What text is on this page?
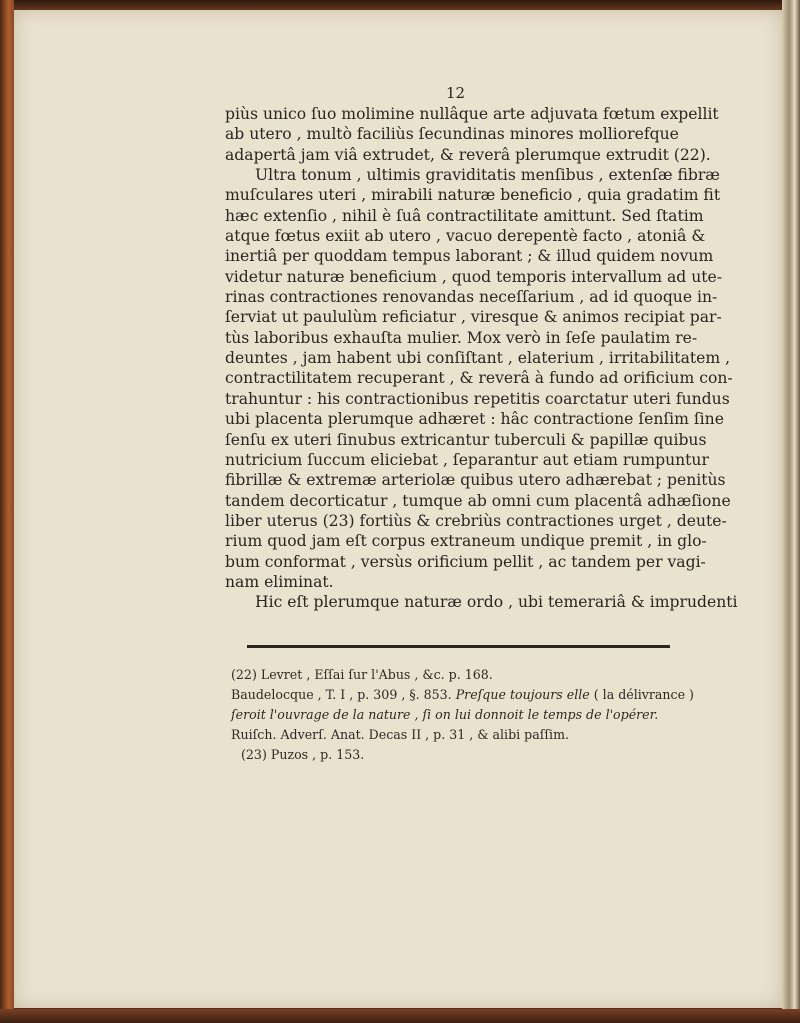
12
piùs unico ſuo molimine nullâque arte adjuvata fœtum expellit
ab utero , multò faciliùs ſecundinas minores molliorefque
adapertâ jam viâ extrudet, & reverâ plerumque extrudit (22).
Ultra tonum , ultimis graviditatis menſibus , extenſæ fibræ
muſculares uteri , mirabili naturæ beneficio , quia gradatim fit
hæc extenſio , nihil è ſuâ contractilitate amittunt. Sed ſtatim
atque fœtus exiit ab utero , vacuo derepentè facto , atoniâ &
inertiâ per quoddam tempus laborant ; & illud quidem novum
videtur naturæ beneficium , quod temporis intervallum ad ute-
rinas contractiones renovandas neceſſarium , ad id quoque in-
ſerviat ut paululùm reficiatur , viresque & animos recipiat par-
tùs laboribus exhauſta mulier. Mox verò in ſeſe paulatim re-
deuntes , jam habent ubi conſiſtant , elaterium , irritabilitatem ,
contractilitatem recuperant , & reverâ à fundo ad orificium con-
trahuntur : his contractionibus repetitis coarctatur uteri fundus
ubi placenta plerumque adhæret : hâc contractione ſenſim ſine
ſenſu ex uteri ſinubus extricantur tuberculi & papillæ quibus
nutricium ſuccum eliciebat , ſeparantur aut etiam rumpuntur
fibrillæ & extremæ arteriolæ quibus utero adhærebat ; penitùs
tandem decorticatur , tumque ab omni cum placentâ adhæſione
liber uterus (23) fortiùs & crebriùs contractiones urget , deute-
rium quod jam eſt corpus extraneum undique premit , in glo-
bum conformat , versùs orificium pellit , ac tandem per vagi-
nam eliminat.
Hic eſt plerumque naturæ ordo , ubi temerariâ & imprudenti
(22) Levret , Eſſai ſur l'Abus , &c. p. 168.
Baudelocque , T. I , p. 309 , §. 853. Preſque toujours elle ( la délivrance )
ſeroit l'ouvrage de la nature , ſi on lui donnoit le temps de l'opérer.
Ruiſch. Adverſ. Anat. Decas II , p. 31 , & alibi paſſim.
(23) Puzos , p. 153.
